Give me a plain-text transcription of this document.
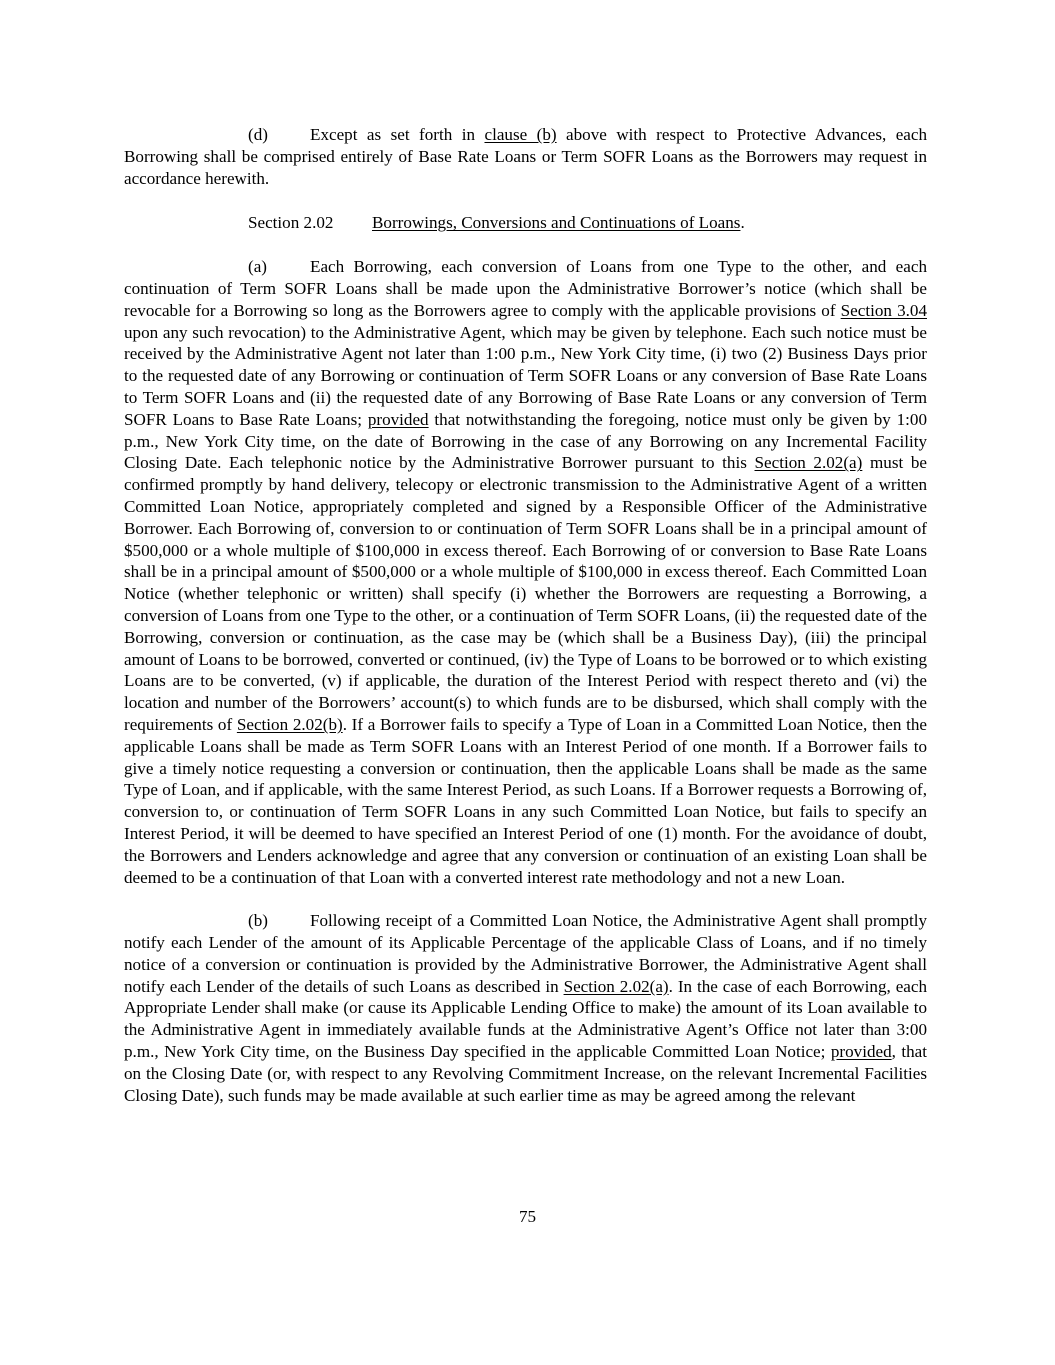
(d) Except as set forth in clause (b) above with respect to Protective Advances, each Borrowing shall be comprised entirely of Base Rate Loans or Term SOFR Loans as the Borrowers may request in accordance herewith.

Section 2.02 Borrowings, Conversions and Continuations of Loans.

(a)	Each Borrowing, each conversion of Loans from one Type to the other, and each continuation of Term SOFR Loans shall be made upon the Administrative Borrower’s notice (which shall be revocable for a Borrowing so long as the Borrowers agree to comply with the applicable provisions of Section 3.04 upon any such revocation) to the Administrative Agent, which may be given by telephone. Each such notice must be received by the Administrative Agent not later than 1:00 p.m., New York City time, (i) two (2) Business Days prior to the requested date of any Borrowing or continuation of Term SOFR Loans or any conversion of Base Rate Loans to Term SOFR Loans and (ii) the requested date of any Borrowing of Base Rate Loans or any conversion of Term SOFR Loans to Base Rate Loans; provided that notwithstanding the foregoing, notice must only be given by 1:00 p.m., New York City time, on the date of Borrowing in the case of any Borrowing on any Incremental Facility Closing Date. Each telephonic notice by the Administrative Borrower pursuant to this Section 2.02(a) must be confirmed promptly by hand delivery, telecopy or electronic transmission to the Administrative Agent of a written Committed Loan Notice, appropriately completed and signed by a Responsible Officer of the Administrative Borrower. Each Borrowing of, conversion to or continuation of Term SOFR Loans shall be in a principal amount of $500,000 or a whole multiple of $100,000 in excess thereof. Each Borrowing of or conversion to Base Rate Loans shall be in a principal amount of $500,000 or a whole multiple of $100,000 in excess thereof. Each Committed Loan Notice (whether telephonic or written) shall specify (i) whether the Borrowers are requesting a Borrowing, a conversion of Loans from one Type to the other, or a continuation of Term SOFR Loans, (ii) the requested date of the Borrowing, conversion or continuation, as the case may be (which shall be a Business Day), (iii) the principal amount of Loans to be borrowed, converted or continued, (iv) the Type of Loans to be borrowed or to which existing Loans are to be converted, (v) if applicable, the duration of the Interest Period with respect thereto and (vi) the location and number of the Borrowers’ account(s) to which funds are to be disbursed, which shall comply with the requirements of Section 2.02(b). If a Borrower fails to specify a Type of Loan in a Committed Loan Notice, then the applicable Loans shall be made as Term SOFR Loans with an Interest Period of one month. If a Borrower fails to give a timely notice requesting a conversion or continuation, then the applicable Loans shall be made as the same Type of Loan, and if applicable, with the same Interest Period, as such Loans. If a Borrower requests a Borrowing of, conversion to, or continuation of Term SOFR Loans in any such Committed Loan Notice, but fails to specify an Interest Period, it will be deemed to have specified an Interest Period of one (1) month. For the avoidance of doubt, the Borrowers and Lenders acknowledge and agree that any conversion or continuation of an existing Loan shall be deemed to be a continuation of that Loan with a converted interest rate methodology and not a new Loan.

(b) Following receipt of a Committed Loan Notice, the Administrative Agent shall promptly notify each Lender of the amount of its Applicable Percentage of the applicable Class of Loans, and if no timely notice of a conversion or continuation is provided by the Administrative Borrower, the Administrative Agent shall notify each Lender of the details of such Loans as described in Section 2.02(a). In the case of each Borrowing, each Appropriate Lender shall make (or cause its Applicable Lending Office to make) the amount of its Loan available to the Administrative Agent in immediately available funds at the Administrative Agent’s Office not later than 3:00 p.m., New York City time, on the Business Day specified in the applicable Committed Loan Notice; provided, that on the Closing Date (or, with respect to any Revolving Commitment Increase, on the relevant Incremental Facilities Closing Date), such funds may be made available at such earlier time as may be agreed among the relevant

75
